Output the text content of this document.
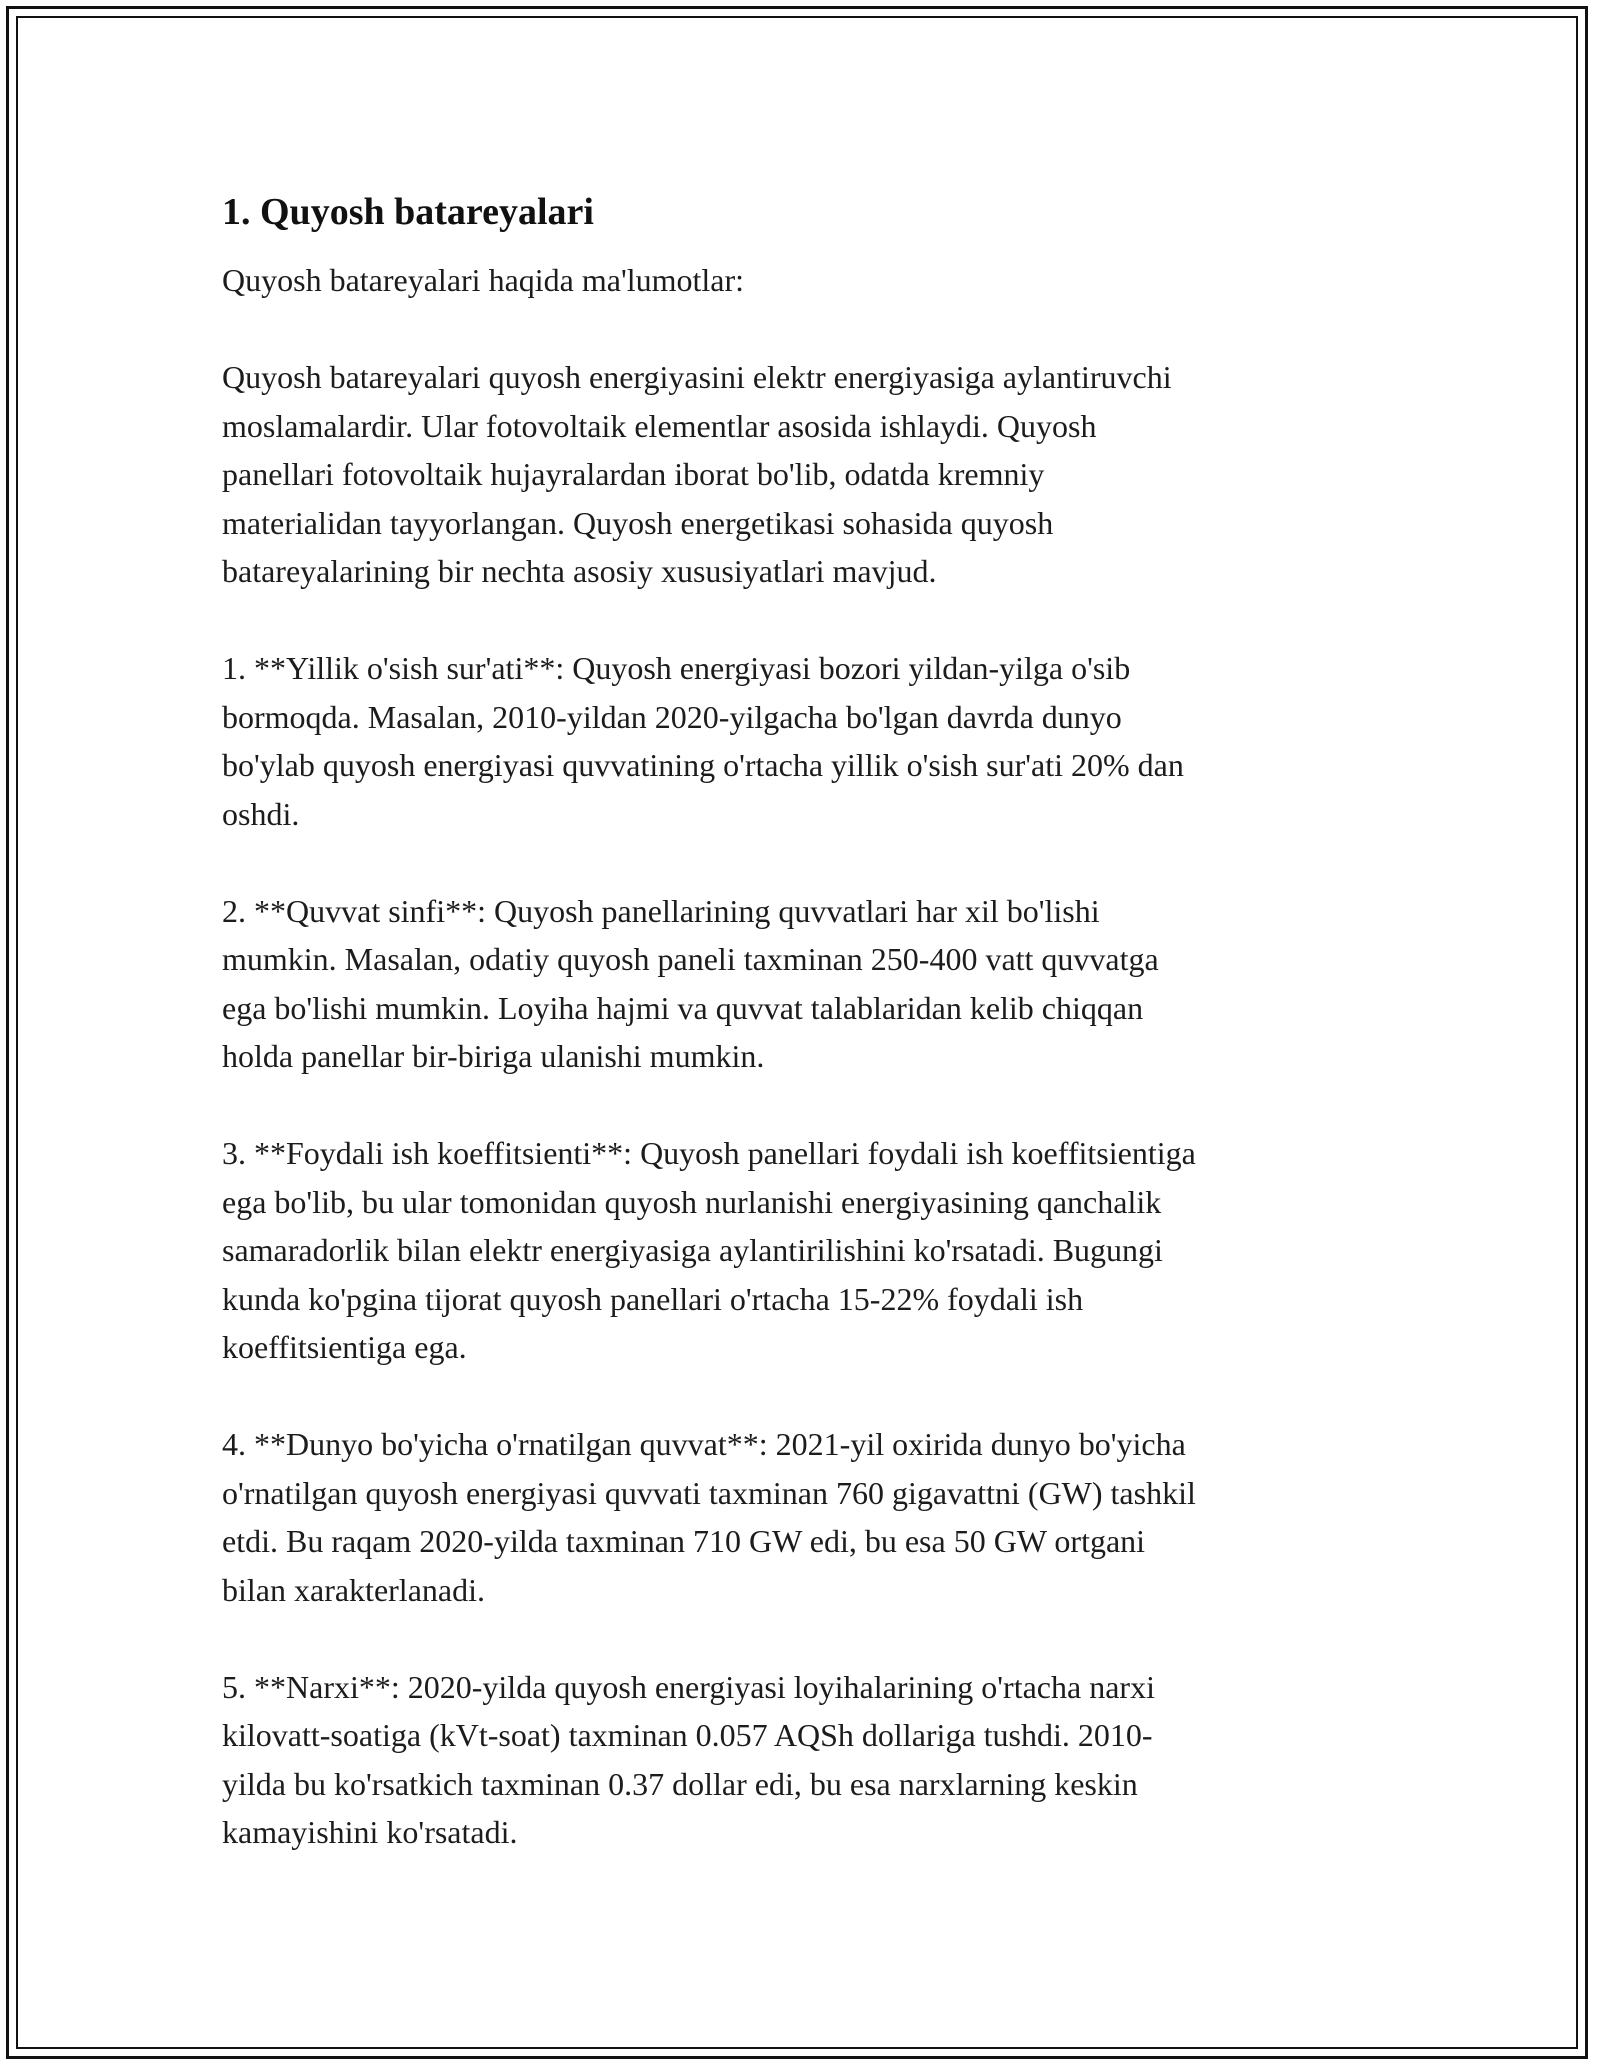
1. Quyosh batareyalari

Quyosh batareyalari haqida ma'lumotlar:

Quyosh batareyalari quyosh energiyasini elektr energiyasiga aylantiruvchi
moslamalardir. Ular fotovoltaik elementlar asosida ishlaydi. Quyosh
panellari fotovoltaik hujayralardan iborat bo'lib, odatda kremniy
materialidan tayyorlangan. Quyosh energetikasi sohasida quyosh
batareyalarining bir nechta asosiy xususiyatlari mavjud.

1. **Yillik o'sish sur'ati**: Quyosh energiyasi bozori yildan-yilga o'sib
bormoqda. Masalan, 2010-yildan 2020-yilgacha bo'lgan davrda dunyo
bo'ylab quyosh energiyasi quvvatining o'rtacha yillik o'sish sur'ati 20% dan
oshdi.

2. **Quvvat sinfi**: Quyosh panellarining quvvatlari har xil bo'lishi
mumkin. Masalan, odatiy quyosh paneli taxminan 250-400 vatt quvvatga
ega bo'lishi mumkin. Loyiha hajmi va quvvat talablaridan kelib chiqqan
holda panellar bir-biriga ulanishi mumkin.

3. **Foydali ish koeffitsienti**: Quyosh panellari foydali ish koeffitsientiga
ega bo'lib, bu ular tomonidan quyosh nurlanishi energiyasining qanchalik
samaradorlik bilan elektr energiyasiga aylantirilishini ko'rsatadi. Bugungi
kunda ko'pgina tijorat quyosh panellari o'rtacha 15-22% foydali ish
koeffitsientiga ega.

4. **Dunyo bo'yicha o'rnatilgan quvvat**: 2021-yil oxirida dunyo bo'yicha
o'rnatilgan quyosh energiyasi quvvati taxminan 760 gigavattni (GW) tashkil
etdi. Bu raqam 2020-yilda taxminan 710 GW edi, bu esa 50 GW ortgani
bilan xarakterlanadi.

5. **Narxi**: 2020-yilda quyosh energiyasi loyihalarining o'rtacha narxi
kilovatt-soatiga (kVt-soat) taxminan 0.057 AQSh dollariga tushdi. 2010-
yilda bu ko'rsatkich taxminan 0.37 dollar edi, bu esa narxlarning keskin
kamayishini ko'rsatadi.
